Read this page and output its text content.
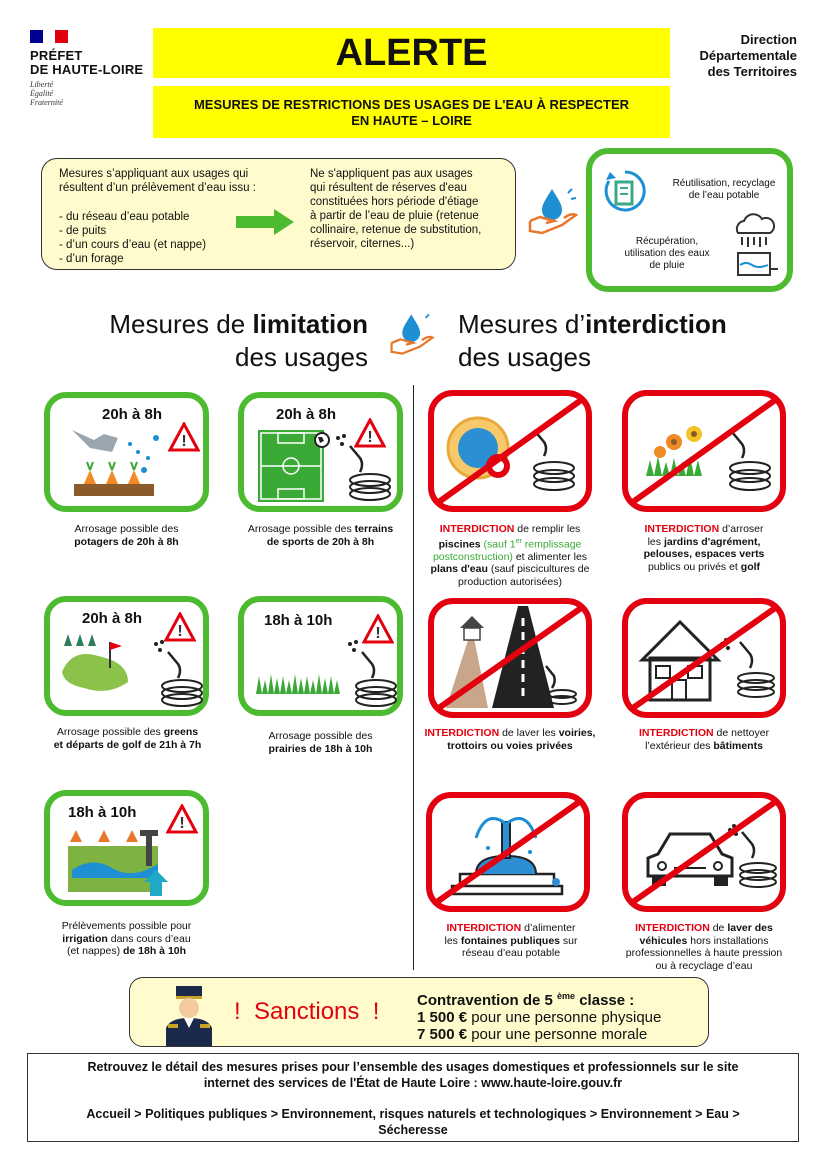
PRÉFET
DE HAUTE-LOIRE
Liberté
Égalité
Fraternité
ALERTE
MESURES DE RESTRICTIONS DES USAGES DE L'EAU À RESPECTER
EN HAUTE – LOIRE
Direction
Départementale
des Territoires
Mesures s’appliquant aux usages qui
résultent d’un prélèvement d’eau issu :
- du réseau d’eau potable
- de puits
- d’un cours d’eau (et nappe)
- d’un forage
Ne s'appliquent pas aux usages
qui résultent de réserves d'eau
constituées hors période d'étiage
à partir de l’eau de pluie (retenue
collinaire, retenue de substitution,
réservoir, citernes...)
Réutilisation, recyclage
de l’eau potable
Récupération,
utilisation des eaux
de pluie
Mesures de limitation
des usages
Mesures d’interdiction
des usages
20h à 8h
!
Arrosage possible des
potagers de 20h à 8h
20h à 8h
!
Arrosage possible des terrains
de sports de 20h à 8h
20h à 8h
!
Arrosage possible des greens
et départs de golf de 21h à 7h
18h à 10h
!
Arrosage possible des
prairies de 18h à 10h
18h à 10h
!
Prélèvements possible pour
irrigation dans cours d’eau
(et nappes) de 18h à 10h
INTERDICTION de remplir les
piscines (sauf 1er remplissage
postconstruction) et alimenter les
plans d'eau (sauf piscicultures de
production autorisées)
INTERDICTION d’arroser
les jardins d'agrément,
pelouses, espaces verts
publics ou privés et golf
INTERDICTION de laver les voiries,
trottoirs ou voies privées
INTERDICTION de nettoyer
l’extérieur des bâtiments
INTERDICTION d’alimenter
les fontaines publiques sur
réseau d’eau potable
INTERDICTION de laver des
véhicules hors installations
professionnelles à haute pression
ou à recyclage d’eau
!  Sanctions  !	Contravention de 5 $^{ème}$ classe :
1 500 € pour une personne physique
7 500 € pour une personne morale
Retrouvez le détail des mesures prises pour l’ensemble des usages domestiques et professionnels sur le site
internet des services de l'État de Haute Loire : www.haute-loire.gouv.fr
Accueil > Politiques publiques > Environnement, risques naturels et technologiques > Environnement > Eau >
Sécheresse
